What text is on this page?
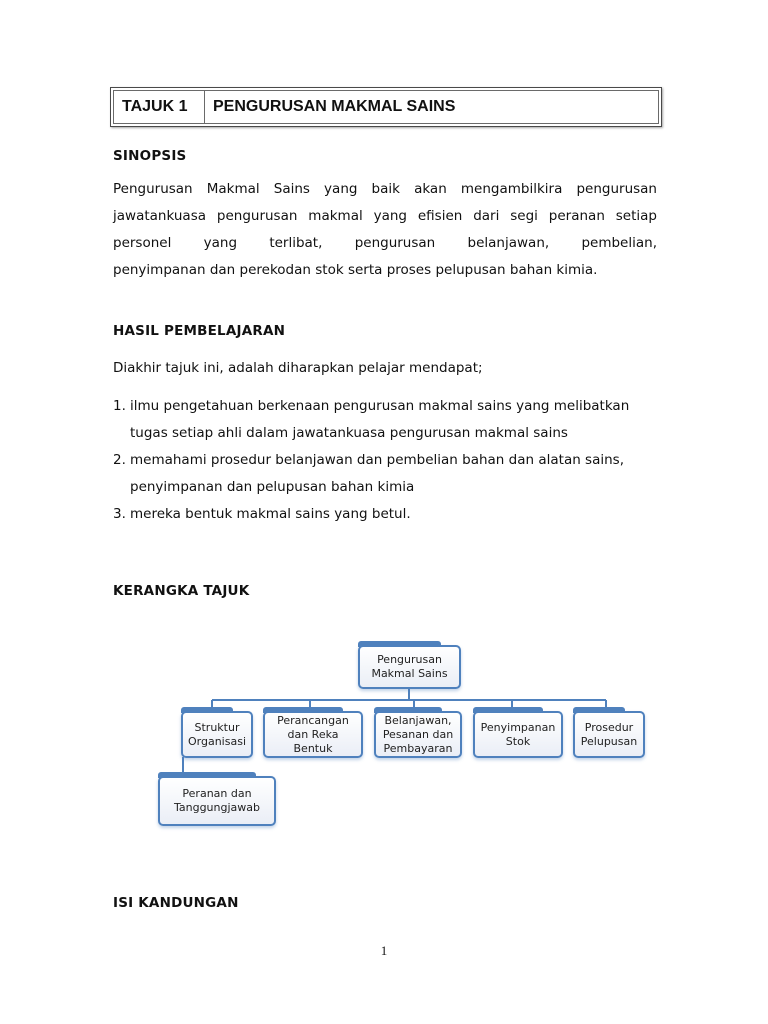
TAJUK 1	PENGURUSAN MAKMAL SAINS
SINOPSIS
Pengurusan Makmal Sains yang baik akan mengambilkira pengurusan
jawatankuasa pengurusan makmal yang efisien dari segi peranan setiap
personel yang terlibat, pengurusan belanjawan, pembelian,
penyimpanan dan perekodan stok serta proses pelupusan bahan kimia.
HASIL PEMBELAJARAN
Diakhir tajuk ini, adalah diharapkan pelajar mendapat;
1. ilmu pengetahuan berkenaan pengurusan makmal sains yang melibatkan
tugas setiap ahli dalam jawatankuasa pengurusan makmal sains
2. memahami prosedur belanjawan dan pembelian bahan dan alatan sains,
penyimpanan dan pelupusan bahan kimia
3. mereka bentuk makmal sains yang betul.
KERANGKA TAJUK
Pengurusan Makmal Sains
Struktur Organisasi
Perancangan dan Reka Bentuk
Belanjawan, Pesanan dan Pembayaran
Penyimpanan Stok
Prosedur Pelupusan
Peranan dan Tanggungjawab
ISI KANDUNGAN
1
